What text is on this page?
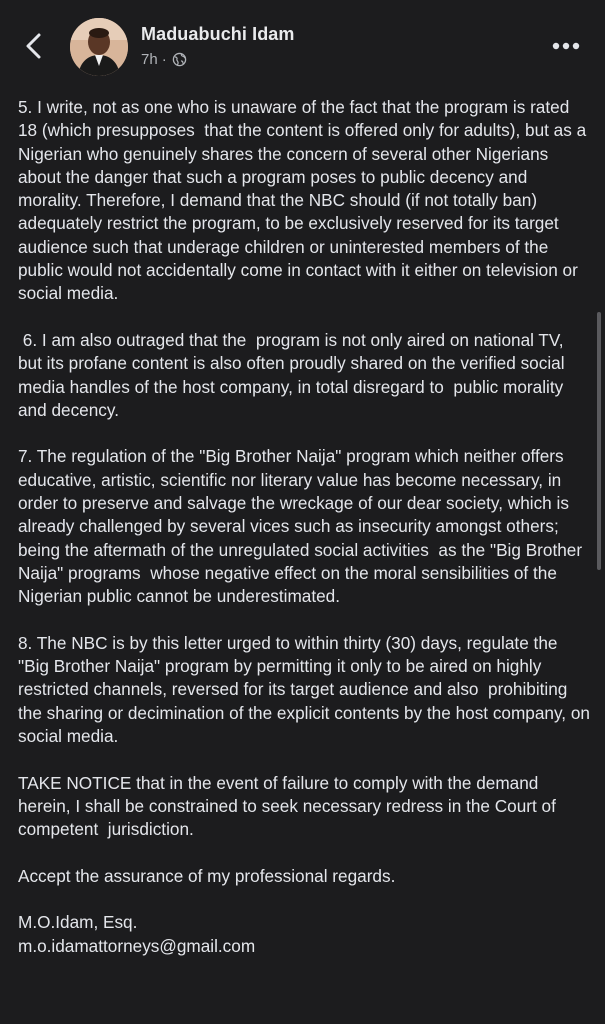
Maduabuchi Idam
7h ·

5. I write, not as one who is unaware of the fact that the program is rated 18 (which presupposes  that the content is offered only for adults), but as a Nigerian who genuinely shares the concern of several other Nigerians about the danger that such a program poses to public decency and morality. Therefore, I demand that the NBC should (if not totally ban) adequately restrict the program, to be exclusively reserved for its target audience such that underage children or uninterested members of the public would not accidentally come in contact with it either on television or social media.

6. I am also outraged that the  program is not only aired on national TV, but its profane content is also often proudly shared on the verified social media handles of the host company, in total disregard to  public morality and decency.

7. The regulation of the "Big Brother Naija" program which neither offers educative, artistic, scientific nor literary value has become necessary, in order to preserve and salvage the wreckage of our dear society, which is already challenged by several vices such as insecurity amongst others; being the aftermath of the unregulated social activities  as the "Big Brother Naija" programs  whose negative effect on the moral sensibilities of the Nigerian public cannot be underestimated.

8. The NBC is by this letter urged to within thirty (30) days, regulate the "Big Brother Naija" program by permitting it only to be aired on highly restricted channels, reversed for its target audience and also  prohibiting the sharing or decimination of the explicit contents by the host company, on social media.

TAKE NOTICE that in the event of failure to comply with the demand herein, I shall be constrained to seek necessary redress in the Court of  competent  jurisdiction.

Accept the assurance of my professional regards.

M.O.Idam, Esq.

m.o.idamattorneys@gmail.com
